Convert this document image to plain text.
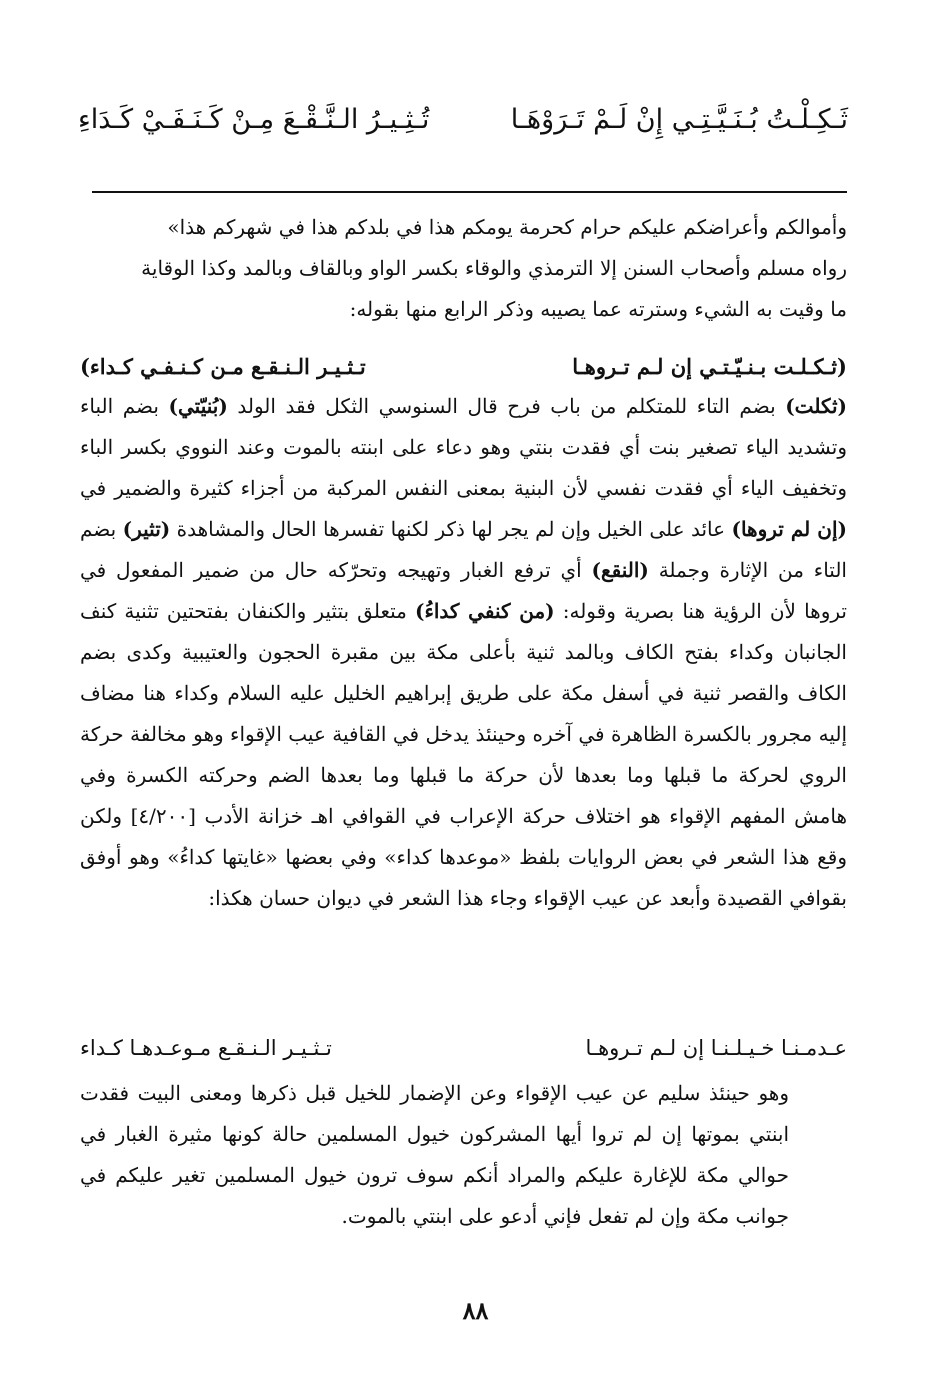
ثَـكِـلْـتُ بُـنَـيَّـتِـي إِنْ لَـمْ تَـرَوْهَـا
تُـثِـيـرُ الـنَّـقْـعَ مِـنْ كَـنَـفَـيْ كَـدَاءِ

وأموالكم وأعراضكم عليكم حرام كحرمة يومكم هذا في بلدكم هذا في شهركم هذا»

رواه مسلم وأصحاب السنن إلا الترمذي والوقاء بكسر الواو وبالقاف وبالمد وكذا الوقاية

ما وقيت به الشيء وسترته عما يصيبه وذكر الرابع منها بقوله:

(ثـكـلـت بـنـيّـتـي إن لـم تـروهـا
تـثـيـر الـنـقـع مـن كـنـفـي كـداء)

(ثكلت) بضم التاء للمتكلم من باب فرح قال السنوسي الثكل فقد الولد (بُنيّتي) بضم الباء وتشديد الياء تصغير بنت أي فقدت بنتي وهو دعاء على ابنته بالموت وعند النووي بكسر الباء وتخفيف الياء أي فقدت نفسي لأن البنية بمعنى النفس المركبة من أجزاء كثيرة والضمير في (إن لم تروها) عائد على الخيل وإن لم يجر لها ذكر لكنها تفسرها الحال والمشاهدة (تثير) بضم التاء من الإثارة وجملة (النقع) أي ترفع الغبار وتهيجه وتحرّكه حال من ضمير المفعول في تروها لأن الرؤية هنا بصرية وقوله: (من كنفي كداءُ) متعلق بتثير والكنفان بفتحتين تثنية كنف الجانبان وكداء بفتح الكاف وبالمد ثنية بأعلى مكة بين مقبرة الحجون والعتيبية وكدى بضم الكاف والقصر ثنية في أسفل مكة على طريق إبراهيم الخليل عليه السلام وكداء هنا مضاف إليه مجرور بالكسرة الظاهرة في آخره وحينئذ يدخل في القافية عيب الإقواء وهو مخالفة حركة الروي لحركة ما قبلها وما بعدها لأن حركة ما قبلها وما بعدها الضم وحركته الكسرة وفي هامش المفهم الإقواء هو اختلاف حركة الإعراب في القوافي اهـ خزانة الأدب [٤/٢٠٠] ولكن وقع هذا الشعر في بعض الروايات بلفظ «موعدها كداء» وفي بعضها «غايتها كداءُ» وهو أوفق بقوافي القصيدة وأبعد عن عيب الإقواء وجاء هذا الشعر في ديوان حسان هكذا:

عـدمـنـا خـيـلـنـا إن لـم تـروهـا
تـثـيـر الـنـقـع مـوعـدهـا كـداء

وهو حينئذ سليم عن عيب الإقواء وعن الإضمار للخيل قبل ذكرها ومعنى البيت فقدت ابنتي بموتها إن لم تروا أيها المشركون خيول المسلمين حالة كونها مثيرة الغبار في حوالي مكة للإغارة عليكم والمراد أنكم سوف ترون خيول المسلمين تغير عليكم في جوانب مكة وإن لم تفعل فإني أدعو على ابنتي بالموت.

٨٨
